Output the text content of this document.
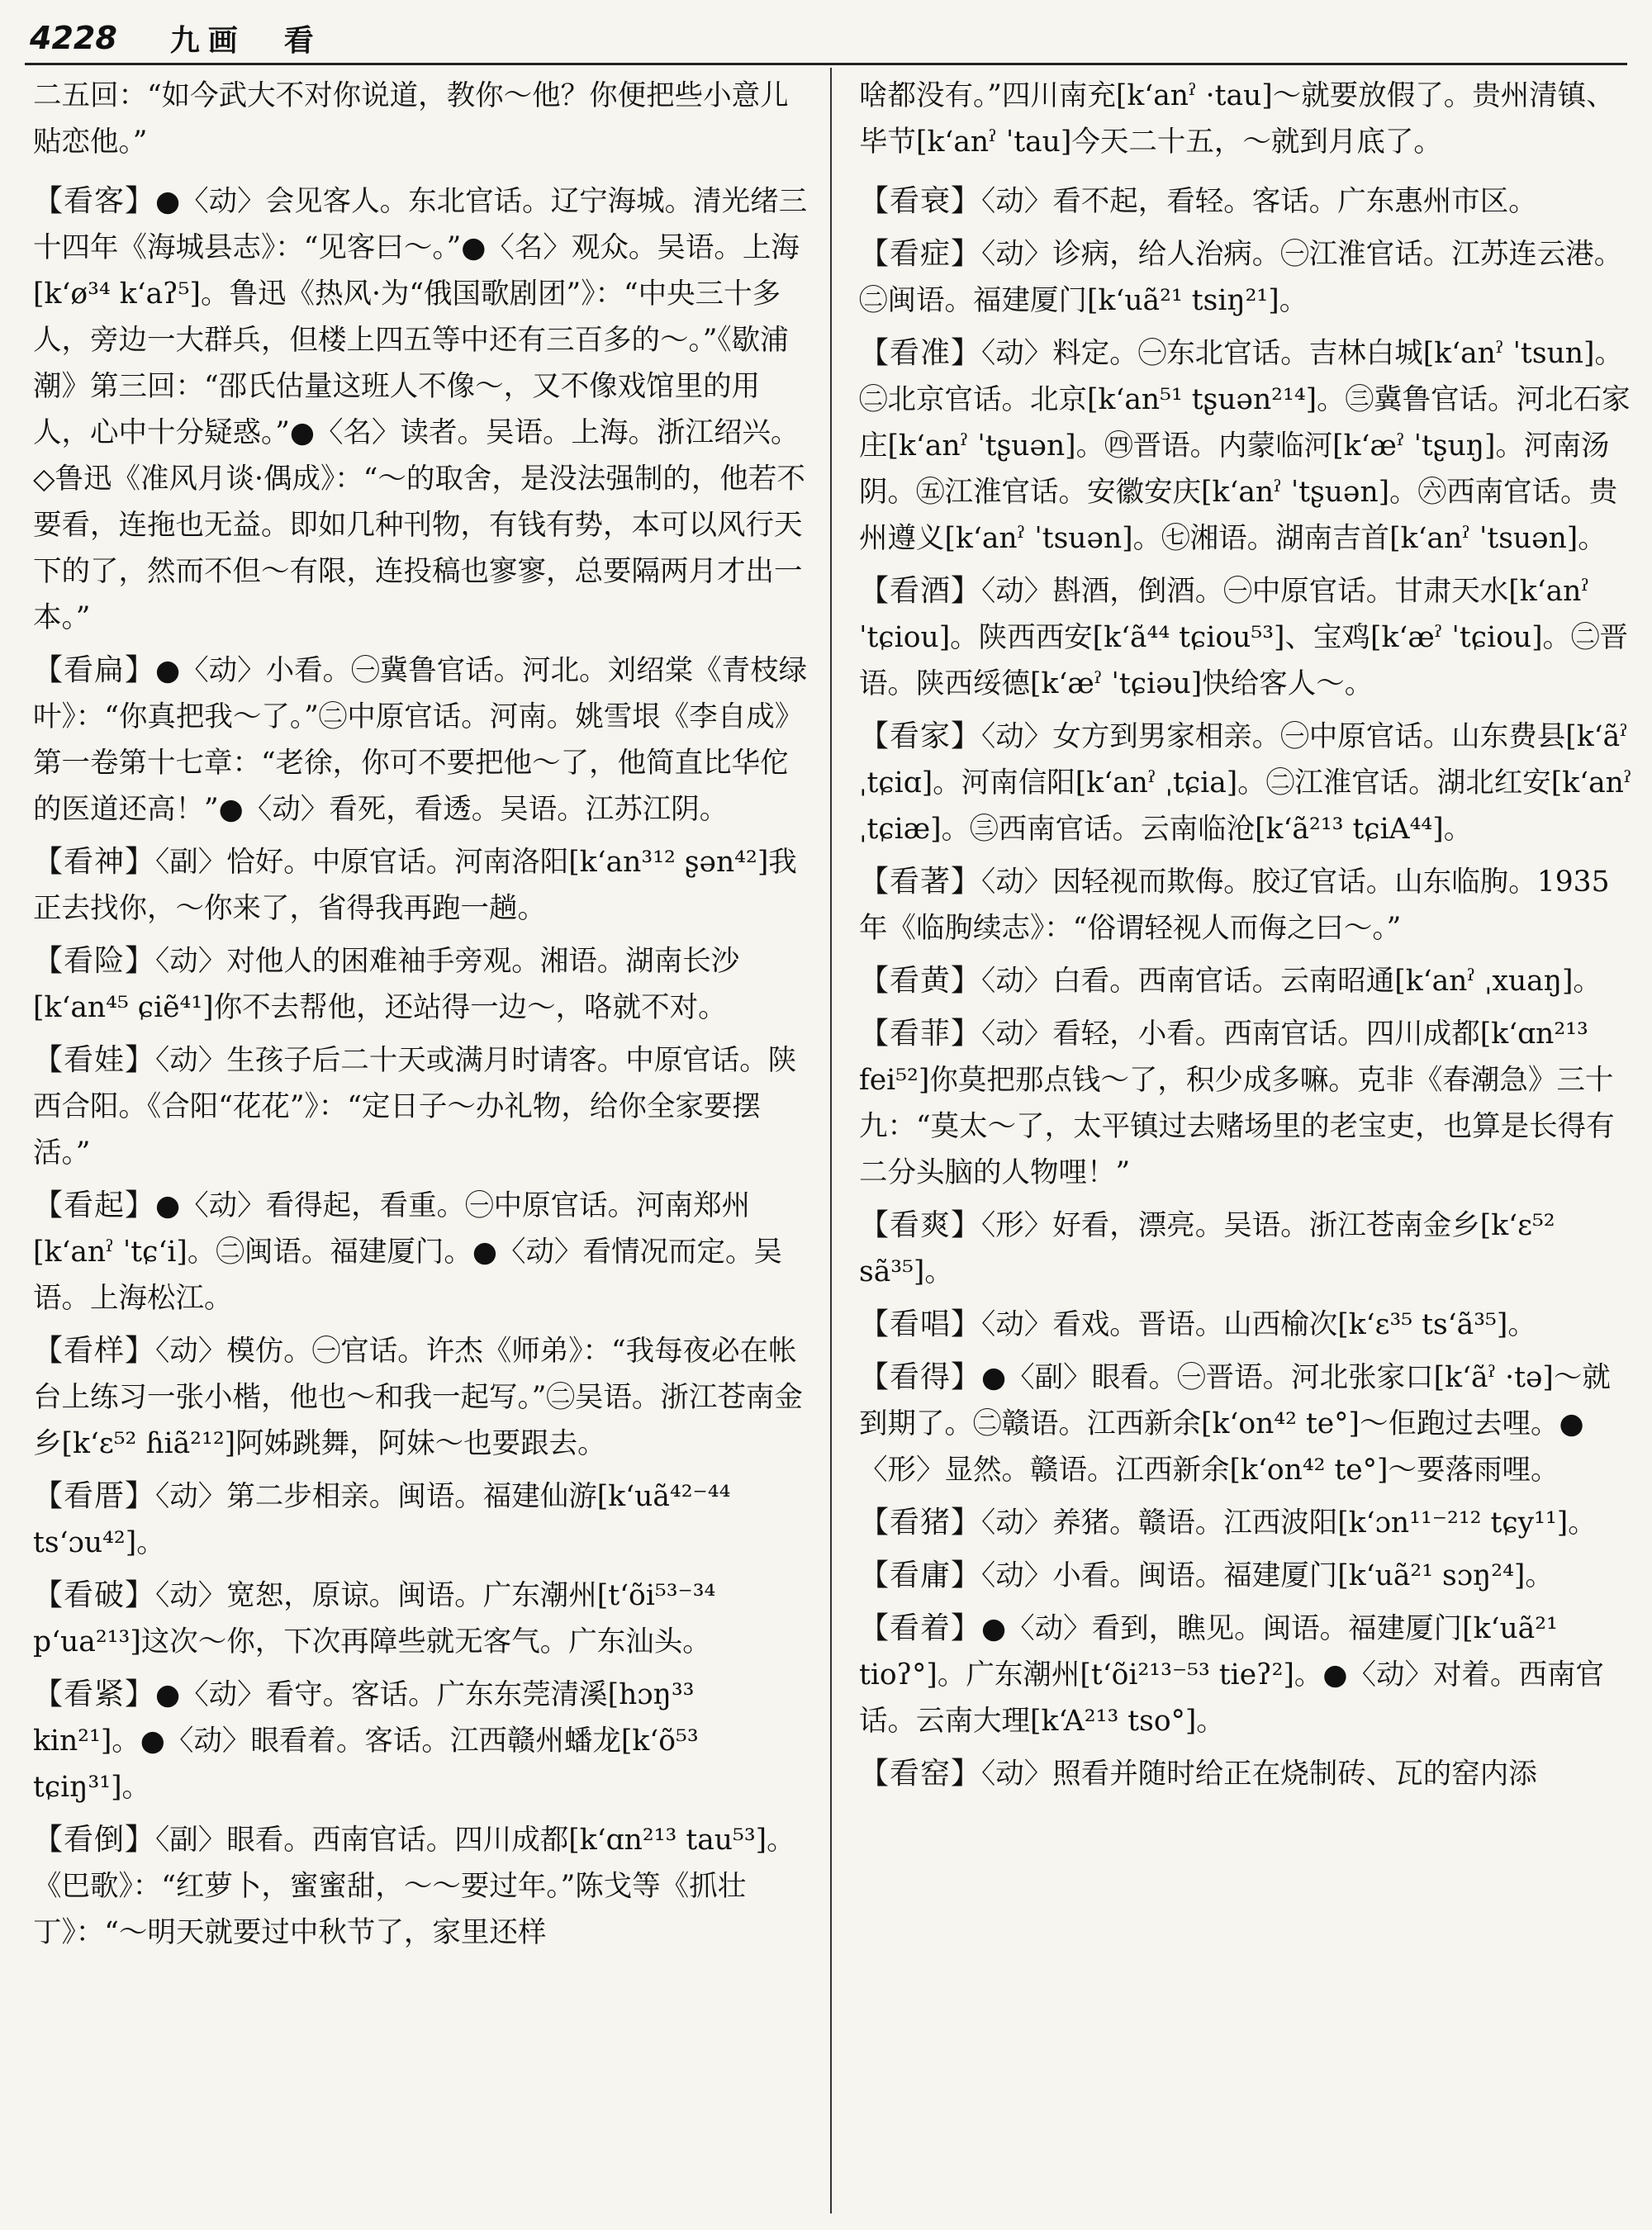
4228 九画　看

二五回：“如今武大不对你说道，教你～他？你便把些小意儿贴恋他。”

【看客】●〈动〉会见客人。东北官话。辽宁海城。清光绪三十四年《海城县志》：“见客曰～。”●〈名〉观众。吴语。上海[kʻø³⁴ kʻaʔ⁵]。鲁迅《热风·为“俄国歌剧团”》：“中央三十多人，旁边一大群兵，但楼上四五等中还有三百多的～。”《歇浦潮》第三回：“邵氏估量这班人不像～，又不像戏馆里的用人，心中十分疑惑。”●〈名〉读者。吴语。上海。浙江绍兴。◇鲁迅《准风月谈·偶成》：“～的取舍，是没法强制的，他若不要看，连拖也无益。即如几种刊物，有钱有势，本可以风行天下的了，然而不但～有限，连投稿也寥寥，总要隔两月才出一本。”

【看扁】●〈动〉小看。㊀冀鲁官话。河北。刘绍棠《青枝绿叶》：“你真把我～了。”㊁中原官话。河南。姚雪垠《李自成》第一卷第十七章：“老徐，你可不要把他～了，他简直比华佗的医道还高！”●〈动〉看死，看透。吴语。江苏江阴。

【看神】〈副〉恰好。中原官话。河南洛阳[kʻan³¹² ʂən⁴²]我正去找你，～你来了，省得我再跑一趟。

【看险】〈动〉对他人的困难袖手旁观。湘语。湖南长沙[kʻan⁴⁵ ɕiẽ⁴¹]你不去帮他，还站得一边～，咯就不对。

【看娃】〈动〉生孩子后二十天或满月时请客。中原官话。陕西合阳。《合阳“花花”》：“定日子～办礼物，给你全家要摆活。”

【看起】●〈动〉看得起，看重。㊀中原官话。河南郑州[kʻanˀ ˈtɕʻi]。㊁闽语。福建厦门。●〈动〉看情况而定。吴语。上海松江。

【看样】〈动〉模仿。㊀官话。许杰《师弟》：“我每夜必在帐台上练习一张小楷，他也～和我一起写。”㊁吴语。浙江苍南金乡[kʻɛ⁵² ɦiã²¹²]阿姊跳舞，阿妹～也要跟去。

【看厝】〈动〉第二步相亲。闽语。福建仙游[kʻuã⁴²⁻⁴⁴ tsʻɔu⁴²]。

【看破】〈动〉宽恕，原谅。闽语。广东潮州[tʻõi⁵³⁻³⁴ pʻua²¹³]这次～你，下次再障些就无客气。广东汕头。

【看紧】●〈动〉看守。客话。广东东莞清溪[hɔŋ³³ kin²¹]。●〈动〉眼看着。客话。江西赣州蟠龙[kʻõ⁵³ tɕiŋ³¹]。

【看倒】〈副〉眼看。西南官话。四川成都[kʻɑn²¹³ tau⁵³]。《巴歌》：“红萝卜，蜜蜜甜，～～要过年。”陈戈等《抓壮丁》：“～明天就要过中秋节了，家里还样

啥都没有。”四川南充[kʻanˀ ·tau]～就要放假了。贵州清镇、毕节[kʻanˀ ˈtau]今天二十五，～就到月底了。

【看衰】〈动〉看不起，看轻。客话。广东惠州市区。

【看症】〈动〉诊病，给人治病。㊀江淮官话。江苏连云港。㊁闽语。福建厦门[kʻuã²¹ tsiŋ²¹]。

【看准】〈动〉料定。㊀东北官话。吉林白城[kʻanˀ ˈtsun]。㊁北京官话。北京[kʻan⁵¹ tʂuən²¹⁴]。㊂冀鲁官话。河北石家庄[kʻanˀ ˈtʂuən]。㊃晋语。内蒙临河[kʻæˀ ˈtʂuŋ]。河南汤阴。㊄江淮官话。安徽安庆[kʻanˀ ˈtʂuən]。㊅西南官话。贵州遵义[kʻanˀ ˈtsuən]。㊆湘语。湖南吉首[kʻanˀ ˈtsuən]。

【看酒】〈动〉斟酒，倒酒。㊀中原官话。甘肃天水[kʻanˀ ˈtɕiou]。陕西西安[kʻã⁴⁴ tɕiou⁵³]、宝鸡[kʻæˀ ˈtɕiou]。㊁晋语。陕西绥德[kʻæˀ ˈtɕiəu]快给客人～。

【看家】〈动〉女方到男家相亲。㊀中原官话。山东费县[kʻãˀ ˌtɕiɑ]。河南信阳[kʻanˀ ˌtɕia]。㊁江淮官话。湖北红安[kʻanˀ ˌtɕiæ]。㊂西南官话。云南临沧[kʻã²¹³ tɕiA⁴⁴]。

【看著】〈动〉因轻视而欺侮。胶辽官话。山东临朐。1935年《临朐续志》：“俗谓轻视人而侮之曰～。”

【看黄】〈动〉白看。西南官话。云南昭通[kʻanˀ ˌxuaŋ]。

【看菲】〈动〉看轻，小看。西南官话。四川成都[kʻɑn²¹³ fei⁵²]你莫把那点钱～了，积少成多嘛。克非《春潮急》三十九：“莫太～了，太平镇过去赌场里的老宝吏，也算是长得有二分头脑的人物哩！”

【看爽】〈形〉好看，漂亮。吴语。浙江苍南金乡[kʻɛ⁵² sã³⁵]。

【看唱】〈动〉看戏。晋语。山西榆次[kʻɛ³⁵ tsʻã³⁵]。

【看得】●〈副〉眼看。㊀晋语。河北张家口[kʻãˀ ·tə]～就到期了。㊁赣语。江西新余[kʻon⁴² te°]～佢跑过去哩。●〈形〉显然。赣语。江西新余[kʻon⁴² te°]～要落雨哩。

【看猪】〈动〉养猪。赣语。江西波阳[kʻɔn¹¹⁻²¹² tɕy¹¹]。

【看庸】〈动〉小看。闽语。福建厦门[kʻuã²¹ sɔŋ²⁴]。

【看着】●〈动〉看到，瞧见。闽语。福建厦门[kʻuã²¹ tioʔ°]。广东潮州[tʻõi²¹³⁻⁵³ tieʔ²]。●〈动〉对着。西南官话。云南大理[kʻA²¹³ tso°]。

【看窑】〈动〉照看并随时给正在烧制砖、瓦的窑内添
